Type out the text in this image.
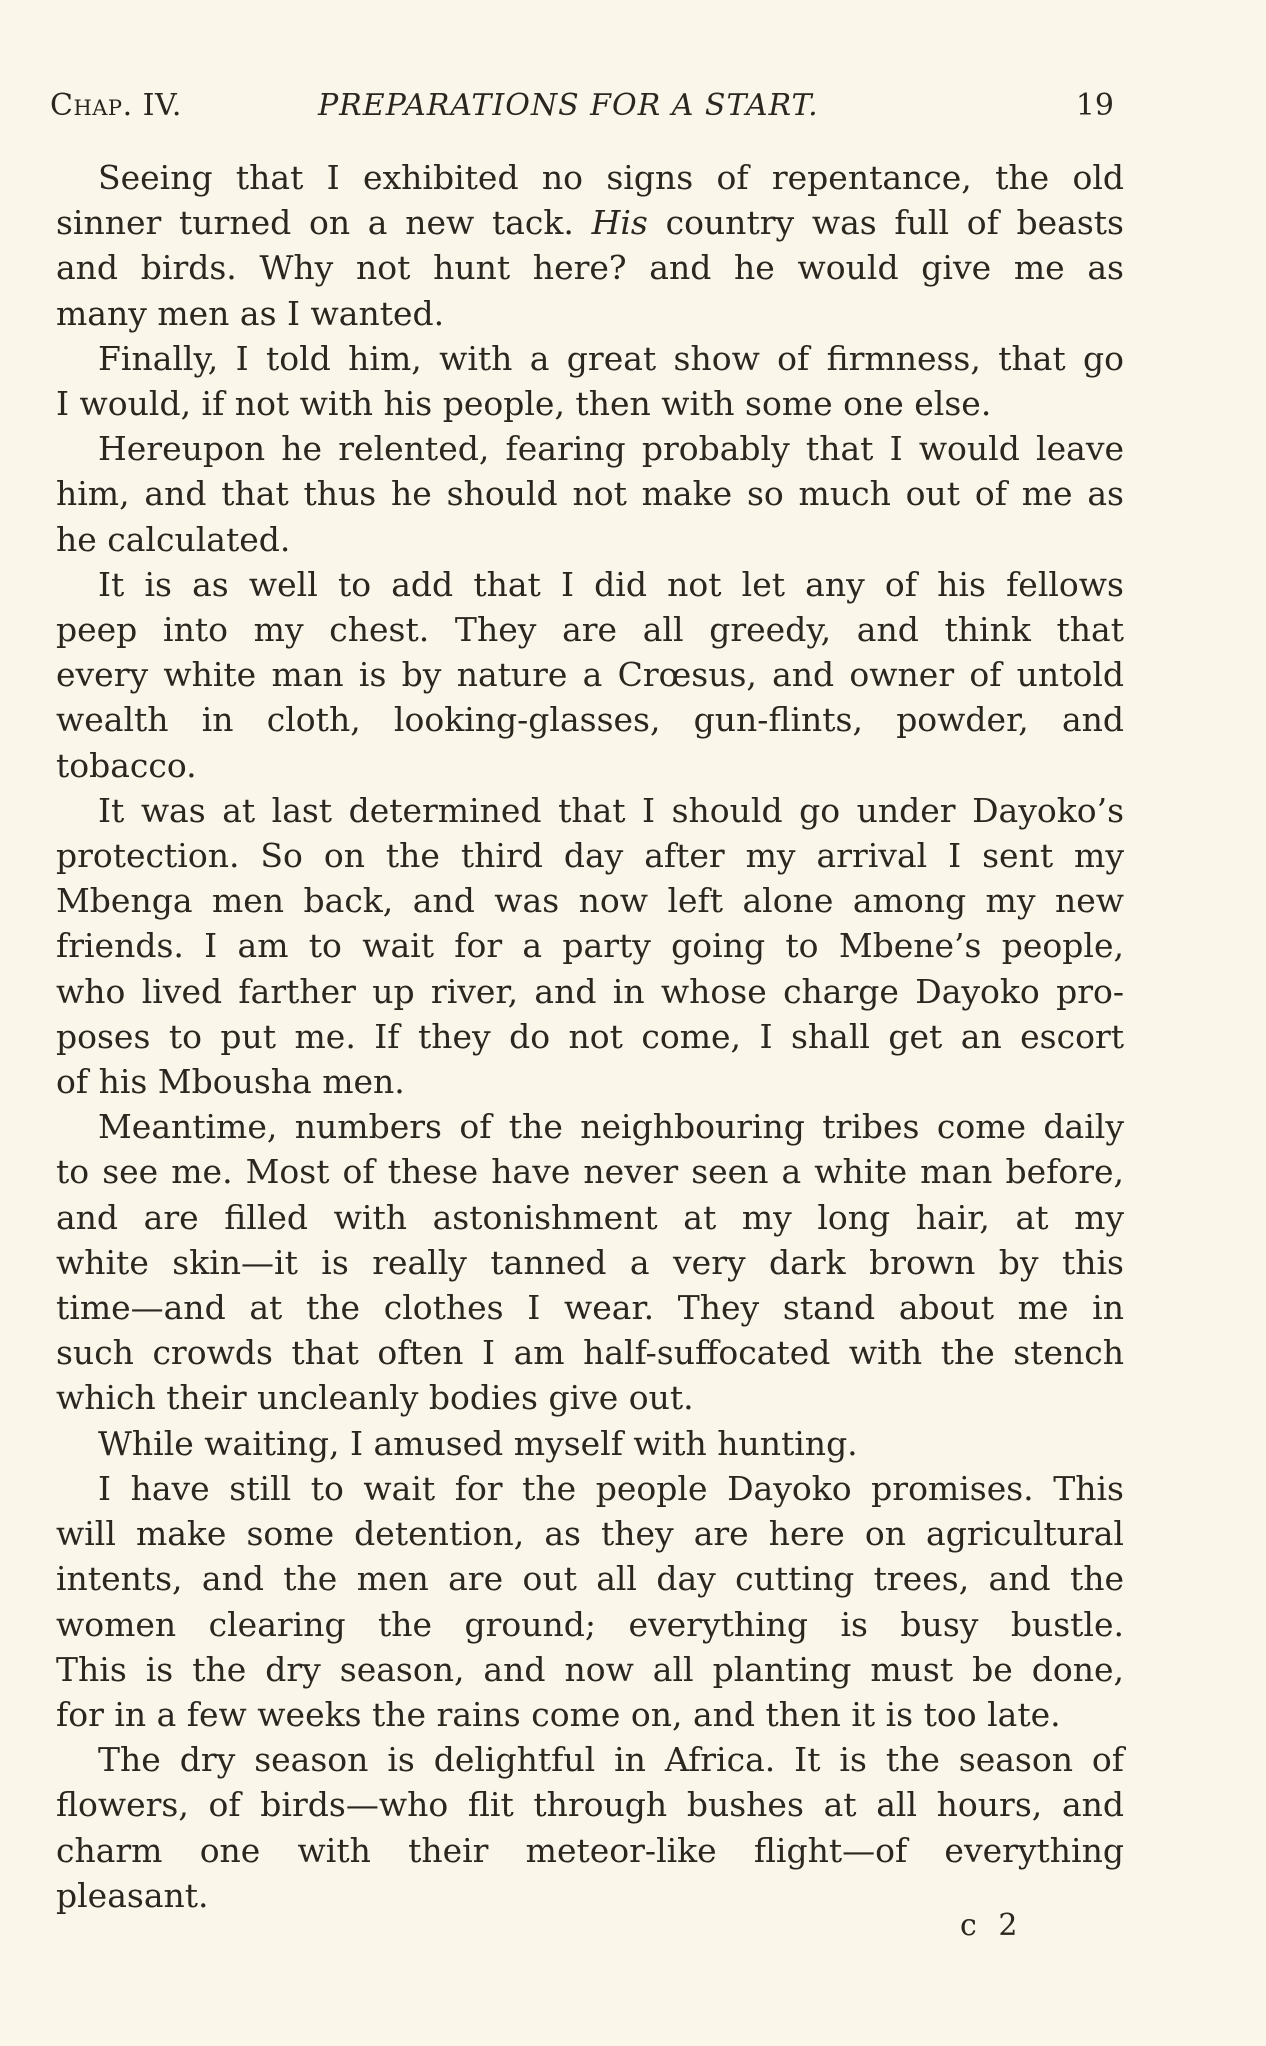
Chap. IV.	PREPARATIONS FOR A START.	19
Seeing that I exhibited no signs of repentance, the old
sinner turned on a new tack. His country was full of beasts
and birds. Why not hunt here? and he would give me as
many men as I wanted.
Finally, I told him, with a great show of firmness, that go
I would, if not with his people, then with some one else.
Hereupon he relented, fearing probably that I would leave
him, and that thus he should not make so much out of me as
he calculated.
It is as well to add that I did not let any of his fellows
peep into my chest. They are all greedy, and think that
every white man is by nature a Crœsus, and owner of untold
wealth in cloth, looking-glasses, gun-flints, powder, and
tobacco.
It was at last determined that I should go under Dayoko’s
protection. So on the third day after my arrival I sent my
Mbenga men back, and was now left alone among my new
friends. I am to wait for a party going to Mbene’s people,
who lived farther up river, and in whose charge Dayoko pro-
poses to put me. If they do not come, I shall get an escort
of his Mbousha men.
Meantime, numbers of the neighbouring tribes come daily
to see me. Most of these have never seen a white man before,
and are filled with astonishment at my long hair, at my
white skin—it is really tanned a very dark brown by this
time—and at the clothes I wear. They stand about me in
such crowds that often I am half-suffocated with the stench
which their uncleanly bodies give out.
While waiting, I amused myself with hunting.
I have still to wait for the people Dayoko promises. This
will make some detention, as they are here on agricultural
intents, and the men are out all day cutting trees, and the
women clearing the ground; everything is busy bustle.
This is the dry season, and now all planting must be done,
for in a few weeks the rains come on, and then it is too late.
The dry season is delightful in Africa. It is the season of
flowers, of birds—who flit through bushes at all hours, and
charm one with their meteor-like flight—of everything
pleasant.
c 2
